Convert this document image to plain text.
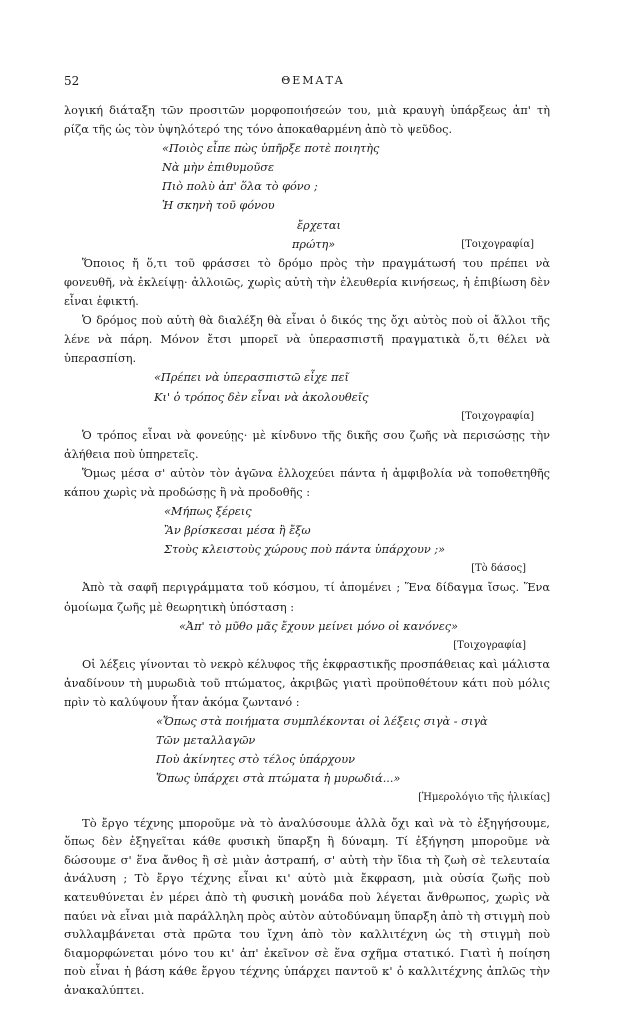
52	ΘΕΜΑΤΑ

λογική διάταξη τῶν προσιτῶν μορφοποιήσεών του, μιὰ κραυγὴ ὑπάρξεως ἀπ' τὴ ρίζα τῆς ὡς τὸν ὑψηλότερό της τόνο ἀποκαθαρμένη ἀπὸ τὸ ψεῦδος.

«Ποιὸς εἶπε πὼς ὑπῆρξε ποτὲ ποιητὴς
Νὰ μὴν ἐπιθυμοῦσε
Πιὸ πολὺ ἀπ' ὅλα τὸ φόνο ;
Ἡ σκηνὴ τοῦ φόνου
ἔρχεται
πρώτη»	[Τοιχογραφία]

Ὅποιος ἤ ὅ,τι τοῦ φράσσει τὸ δρόμο πρὸς τὴν πραγμάτωσή του πρέπει νὰ φονευθῆ, νὰ ἐκλείψῃ· ἀλλοιῶς, χωρὶς αὐτὴ τὴν ἐλευθερία κινήσεως, ἡ ἐπιβίωση δὲν εἶναι ἐφικτή.

Ὁ δρόμος ποὺ αὐτὴ θὰ διαλέξη θὰ εἶναι ὁ δικός της ὄχι αὐτὸς ποὺ οἱ ἄλλοι τῆς λένε νὰ πάρη. Μόνον ἔτσι μπορεῖ νὰ ὑπερασπιστῆ πραγματικὰ ὅ,τι θέλει νὰ ὑπερασπίση.

«Πρέπει νὰ ὑπερασπιστῶ εἶχε πεῖ
Κι' ὁ τρόπος δὲν εἶναι νὰ ἀκολουθεῖς
[Τοιχογραφία]

Ὁ τρόπος εἶναι νὰ φονεύῃς· μὲ κίνδυνο τῆς δικῆς σου ζωῆς νὰ περισώσῃς τὴν ἀλήθεια ποὺ ὑπηρετεῖς.

Ὅμως μέσα σ' αὐτὸν τὸν ἀγῶνα ἐλλοχεύει πάντα ἡ ἀμφιβολία νὰ τοποθετηθῆς κάπου χωρὶς νὰ προδώσῃς ἢ νὰ προδοθῆς :

«Μήπως ξέρεις
Ἂν βρίσκεσαι μέσα ἢ ἔξω
Στοὺς κλειστοὺς χώρους ποὺ πάντα ὑπάρχουν ;»
[Τὸ δάσος]

Ἀπὸ τὰ σαφῆ περιγράμματα τοῦ κόσμου, τί ἀπομένει ; Ἕνα δίδαγμα ἴσως. Ἕνα ὁμοίωμα ζωῆς μὲ θεωρητικὴ ὑπόσταση :

«Ἀπ' τὸ μῦθο μᾶς ἔχουν μείνει μόνο οἱ κανόνες»
[Τοιχογραφία]

Οἱ λέξεις γίνονται τὸ νεκρὸ κέλυφος τῆς ἐκφραστικῆς προσπάθειας καὶ μάλιστα ἀναδίνουν τὴ μυρωδιὰ τοῦ πτώματος, ἀκριβῶς γιατὶ προϋποθέτουν κάτι ποὺ μόλις πρὶν τὸ καλύψουν ἦταν ἀκόμα ζωντανό :

«Ὅπως στὰ ποιήματα συμπλέκονται οἱ λέξεις σιγὰ - σιγὰ
Τῶν μεταλλαγῶν
Ποὺ ἀκίνητες στὸ τέλος ὑπάρχουν
Ὅπως ὑπάρχει στὰ πτώματα ἡ μυρωδιά...»
[Ἡμερολόγιο τῆς ἡλικίας]

Τὸ ἔργο τέχνης μποροῦμε νὰ τὸ ἀναλύσουμε ἀλλὰ ὄχι καὶ νὰ τὸ ἐξηγήσουμε, ὅπως δὲν ἐξηγεῖται κάθε φυσικὴ ὕπαρξη ἢ δύναμη. Τί ἐξήγηση μποροῦμε νὰ δώσουμε σ' ἕνα ἄνθος ἢ σὲ μιὰν ἀστραπή, σ' αὐτὴ τὴν ἴδια τὴ ζωὴ σὲ τελευταία ἀνάλυση ; Τὸ ἔργο τέχνης εἶναι κι' αὐτὸ μιὰ ἔκφραση, μιὰ οὐσία ζωῆς ποὺ κατευθύνεται ἐν μέρει ἀπὸ τὴ φυσικὴ μονάδα ποὺ λέγεται ἄνθρωπος, χωρὶς νὰ παύει νὰ εἶναι μιὰ παράλληλη πρὸς αὐτὸν αὐτοδύναμη ὕπαρξη ἀπὸ τὴ στιγμὴ ποὺ συλλαμβάνεται στὰ πρῶτα του ἴχνη ἀπὸ τὸν καλλιτέχνη ὡς τὴ στιγμὴ ποὺ διαμορφώνεται μόνο του κι' ἀπ' ἐκεῖνον σὲ ἕνα σχῆμα στατικό. Γιατὶ ἡ ποίηση ποὺ εἶναι ἡ βάση κάθε ἔργου τέχνης ὑπάρχει παντοῦ κ' ὁ καλλιτέχνης ἁπλῶς τὴν ἀνακαλύπτει.
